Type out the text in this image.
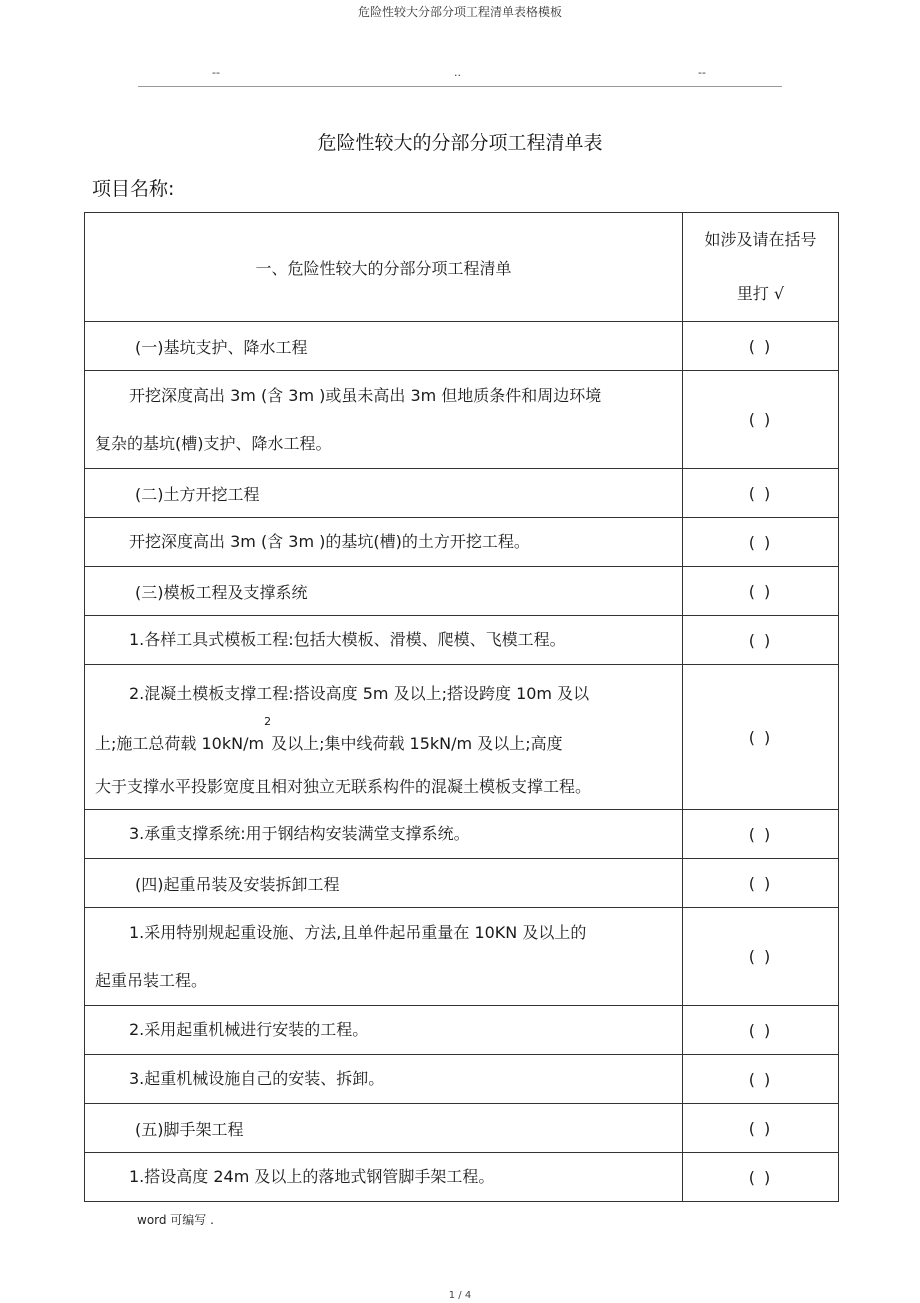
危险性较大分部分项工程清单表格模板
--	..	--
危险性较大的分部分项工程清单表
项目名称:
一、危险性较大的分部分项工程清单	如涉及请在括号
里打 √

(一)基坑支护、降水工程	( )

开挖深度高出 3m (含 3m )或虽未高出 3m 但地质条件和周边环境
复杂的基坑(槽)支护、降水工程。	( )
(二)土方开挖工程	( )
开挖深度高出 3m (含 3m )的基坑(槽)的土方开挖工程。	( )
(三)模板工程及支撑系统	( )
1.各样工具式模板工程:包括大模板、滑模、爬模、飞模工程。	( )

2.混凝土模板支撑工程:搭设高度 5m 及以上;搭设跨度 10m 及以
上;施工总荷载 $10kN/m^2$及以上;集中线荷载 15kN/m 及以上;高度
大于支撑水平投影宽度且相对独立无联系构件的混凝土模板支撑工程。	( )
3.承重支撑系统:用于钢结构安装满堂支撑系统。	( )
(四)起重吊装及安装拆卸工程	( )

1.采用特别规起重设施、方法,且单件起吊重量在 10KN 及以上的
起重吊装工程。	( )
2.采用起重机械进行安装的工程。	( )
3.起重机械设施自己的安装、拆卸。	( )
(五)脚手架工程	( )
1.搭设高度 24m 及以上的落地式钢管脚手架工程。	( )
word 可编写 .
1 / 4
